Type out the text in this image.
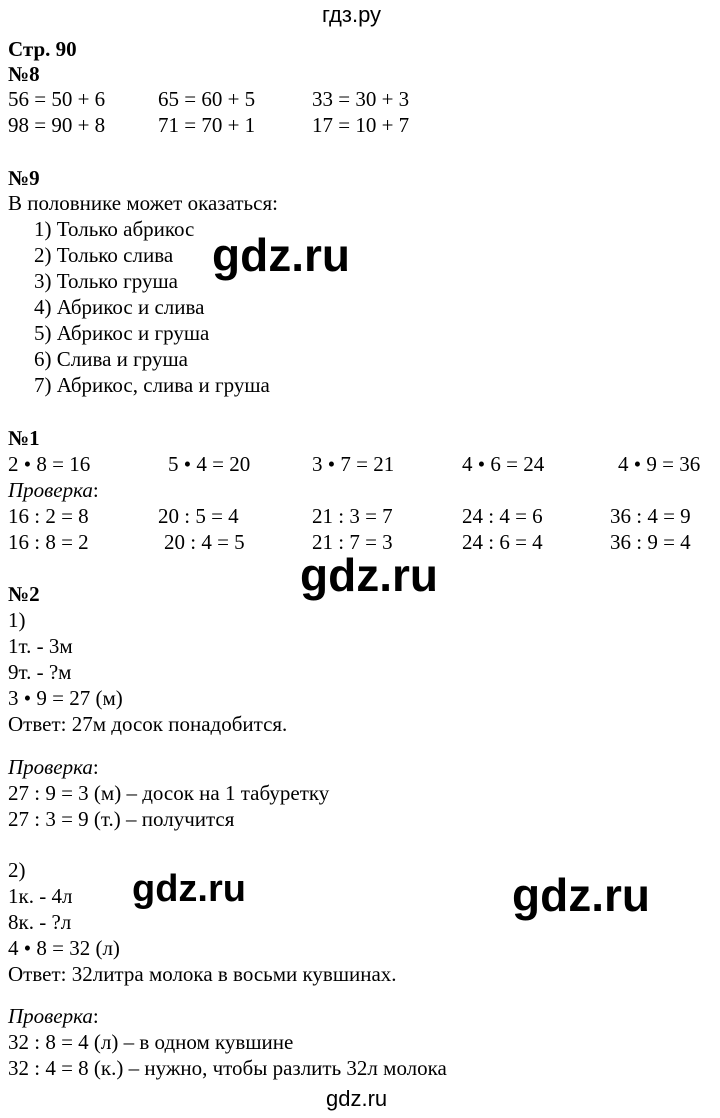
гдз.ру
gdz.ru
Стр. 90
№8
56 = 50 + 6	65 = 60 + 5	33 = 30 + 3
98 = 90 + 8	71 = 70 + 1	17 = 10 + 7
№9
В половнике может оказаться:
1) Только абрикос
2) Только слива
3) Только груша
4) Абрикос и слива
5) Абрикос и груша
6) Слива и груша
7) Абрикос, слива и груша
№1
2 • 8 = 16	5 • 4 = 20	3 • 7 = 21	4 • 6 = 24	4 • 9 = 36
Проверка:
16 : 2 = 8	20 : 5 = 4	21 : 3 = 7	24 : 4 = 6	36 : 4 = 9
16 : 8 = 2	20 : 4 = 5	21 : 7 = 3	24 : 6 = 4	36 : 9 = 4
№2
1)
1т. - 3м
9т. - ?м
3 • 9 = 27 (м)
Ответ: 27м досок понадобится.
Проверка:
27 : 9 = 3 (м) – досок на 1 табуретку
27 : 3 = 9 (т.) – получится
2)
1к. - 4л
8к. - ?л
4 • 8 = 32 (л)
Ответ: 32литра молока в восьми кувшинах.
Проверка:
32 : 8 = 4 (л) – в одном кувшине
32 : 4 = 8 (к.) – нужно, чтобы разлить 32л молока
gdz.ru
gdz.ru
gdz.ru	gdz.ru
